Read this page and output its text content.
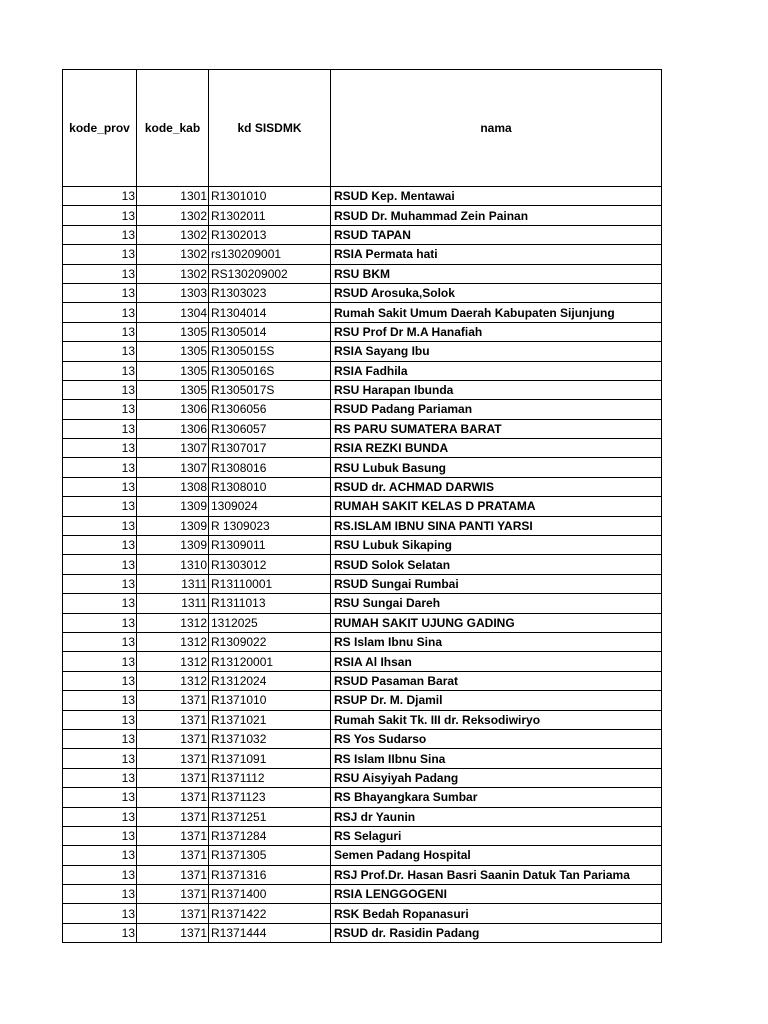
kode_prov	kode_kab	kd SISDMK	nama
13	1301	R1301010	RSUD Kep. Mentawai
13	1302	R1302011	RSUD Dr. Muhammad Zein Painan
13	1302	R1302013	RSUD TAPAN
13	1302	rs130209001	RSIA Permata hati
13	1302	RS130209002	RSU BKM
13	1303	R1303023	RSUD Arosuka,Solok
13	1304	R1304014	Rumah Sakit Umum Daerah Kabupaten Sijunjung
13	1305	R1305014	RSU Prof Dr M.A Hanafiah
13	1305	R1305015S	RSIA Sayang Ibu
13	1305	R1305016S	RSIA Fadhila
13	1305	R1305017S	RSU Harapan Ibunda
13	1306	R1306056	RSUD Padang Pariaman
13	1306	R1306057	RS PARU SUMATERA BARAT
13	1307	R1307017	RSIA REZKI BUNDA
13	1307	R1308016	RSU Lubuk Basung
13	1308	R1308010	RSUD dr. ACHMAD DARWIS
13	1309	1309024	RUMAH SAKIT KELAS D PRATAMA
13	1309	R 1309023	RS.ISLAM IBNU SINA PANTI YARSI
13	1309	R1309011	RSU Lubuk Sikaping
13	1310	R1303012	RSUD Solok Selatan
13	1311	R13110001	RSUD Sungai Rumbai
13	1311	R1311013	RSU Sungai Dareh
13	1312	1312025	RUMAH SAKIT UJUNG GADING
13	1312	R1309022	RS Islam Ibnu Sina
13	1312	R13120001	RSIA Al Ihsan
13	1312	R1312024	RSUD Pasaman Barat
13	1371	R1371010	RSUP Dr. M. Djamil
13	1371	R1371021	Rumah Sakit Tk. III dr. Reksodiwiryo
13	1371	R1371032	RS Yos Sudarso
13	1371	R1371091	RS Islam IIbnu Sina
13	1371	R1371112	RSU Aisyiyah Padang
13	1371	R1371123	RS Bhayangkara Sumbar
13	1371	R1371251	RSJ dr Yaunin
13	1371	R1371284	RS Selaguri
13	1371	R1371305	Semen Padang Hospital
13	1371	R1371316	RSJ Prof.Dr. Hasan Basri Saanin Datuk Tan Pariama
13	1371	R1371400	RSIA LENGGOGENI
13	1371	R1371422	RSK Bedah Ropanasuri
13	1371	R1371444	RSUD dr. Rasidin Padang
